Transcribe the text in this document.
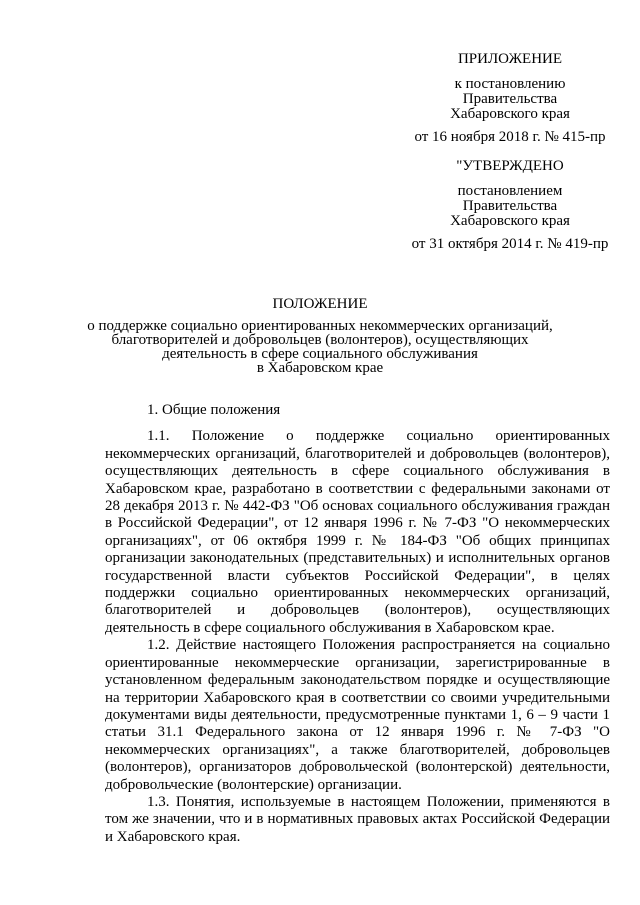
ПРИЛОЖЕНИЕ
к постановлению
Правительства
Хабаровского края
от 16 ноября 2018 г. № 415-пр
"УТВЕРЖДЕНО
постановлением
Правительства
Хабаровского края
от 31 октября 2014 г. № 419-пр
ПОЛОЖЕНИЕ
о поддержке социально ориентированных некоммерческих организаций,
благотворителей и добровольцев (волонтеров), осуществляющих
деятельность в сфере социального обслуживания
в Хабаровском крае

1. Общие положения

1.1. Положение о поддержке социально ориентированных некоммерческих организаций, благотворителей и добровольцев (волонтеров), осуществляющих деятельность в сфере социального обслуживания в Хабаровском крае, разработано в соответствии с федеральными законами от 28 декабря 2013 г. № 442-ФЗ "Об основах социального обслуживания граждан в Российской Федерации", от 12 января 1996 г. № 7-ФЗ "О некоммерческих организациях", от 06 октября 1999 г. № 184-ФЗ "Об общих принципах организации законодательных (представительных) и исполнительных органов государственной власти субъектов Российской Федерации", в целях поддержки социально ориентированных некоммерческих организаций, благотворителей и добровольцев (волонтеров), осуществляющих деятельность в сфере социального обслуживания в Хабаровском крае.

1.2. Действие настоящего Положения распространяется на социально ориентированные некоммерческие организации, зарегистрированные в установленном федеральным законодательством порядке и осуществляющие на территории Хабаровского края в соответствии со своими учредительными документами виды деятельности, предусмотренные пунктами 1, 6 – 9 части 1 статьи 31.1 Федерального закона от 12 января 1996 г. № 7-ФЗ "О некоммерческих организациях", а также благотворителей, добровольцев (волонтеров), организаторов добровольческой (волонтерской) деятельности, добровольческие (волонтерские) организации.

1.3. Понятия, используемые в настоящем Положении, применяются в том же значении, что и в нормативных правовых актах Российской Федерации и Хабаровского края.
